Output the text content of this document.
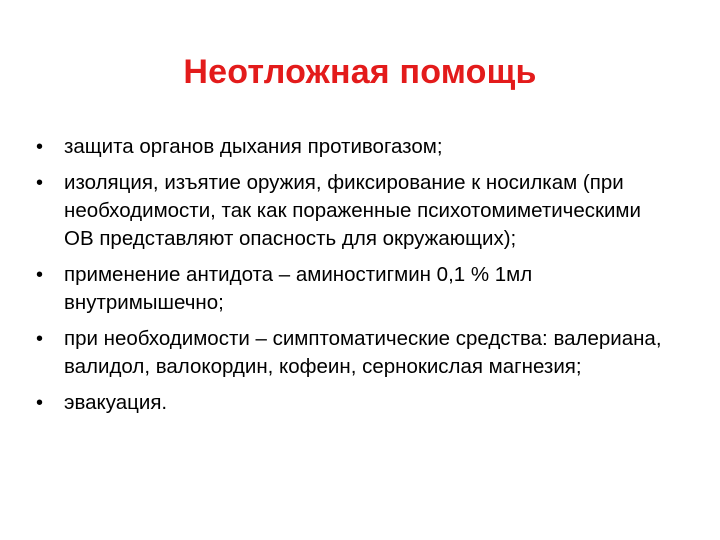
Неотложная помощь
•	защита органов дыхания противогазом;
•	изоляция, изъятие оружия, фиксирование к носилкам (при необходимости, так как пораженные психотомиметическими ОВ представляют опасность для окружающих);
•	применение антидота – аминостигмин 0,1 % 1мл внутримышечно;
•	при необходимости – симптоматические средства: валериана, валидол, валокордин, кофеин, сернокислая магнезия;
•	эвакуация.
